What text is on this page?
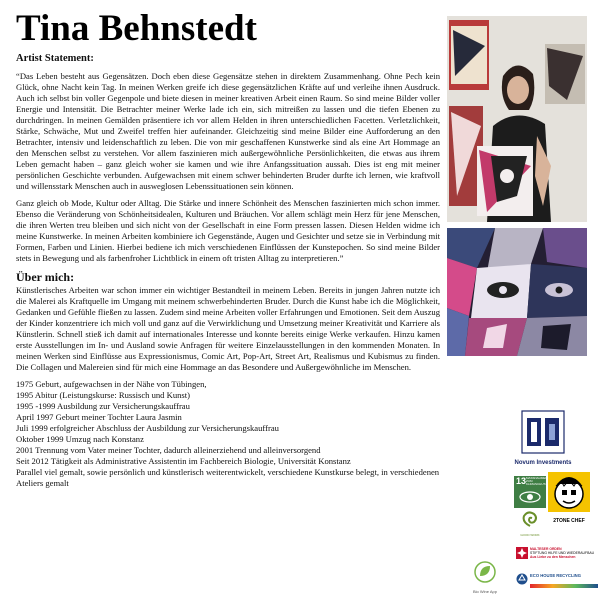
Tina Behnstedt
Artist Statement:

“Das Leben besteht aus Gegensätzen. Doch eben diese Gegensätze stehen in direktem Zusammenhang. Ohne Pech kein Glück, ohne Nacht kein Tag. In meinen Werken greife ich diese gegensätzlichen Kräfte auf und verleihe ihnen Ausdruck. Auch ich selbst bin voller Gegenpole und biete diesen in meiner kreativen Arbeit einen Raum. So sind meine Bilder voller Energie und Intensität. Die Betrachter meiner Werke lade ich ein, sich mitreißen zu lassen und die tiefen Ebenen zu durchdringen. In meinen Gemälden präsentiere ich vor allem Helden in ihren unterschiedlichen Facetten. Verletzlichkeit, Stärke, Schwäche, Mut und Zweifel treffen hier aufeinander. Gleichzeitig sind meine Bilder eine Aufforderung an den Betrachter, intensiv und leidenschaftlich zu leben. Die von mir geschaffenen Kunstwerke sind als eine Art Hommage an den Menschen selbst zu verstehen. Vor allem faszinieren mich außergewöhnliche Persönlichkeiten, die etwas aus ihrem Leben gemacht haben – ganz gleich woher sie kamen und wie ihre Anfangssituation aussah. Dies ist eng mit meiner persönlichen Geschichte verbunden. Aufgewachsen mit einem schwer behinderten Bruder durfte ich lernen, wie kraftvoll und willensstark Menschen auch in ausweglosen Lebenssituationen sein können.

Ganz gleich ob Mode, Kultur oder Alltag. Die Stärke und innere Schönheit des Menschen faszinierten mich schon immer. Ebenso die Veränderung von Schönheitsidealen, Kulturen und Bräuchen. Vor allem schlägt mein Herz für jene Menschen, die ihren Werten treu bleiben und sich nicht von der Gesellschaft in eine Form pressen lassen. Diesen Helden widme ich meine Kunstwerke. In meinen Arbeiten kombiniere ich Gegenstände, Augen und Gesichter und setze sie in Verbindung mit Formen, Farben und Linien. Hierbei bediene ich mich verschiedenen Einflüssen der Kunstepochen. So sind meine Bilder stets in Bewegung und als farbenfroher Lichtblick in einem oft tristen Alltag zu interpretieren.”

Über mich:

Künstlerisches Arbeiten war schon immer ein wichtiger Bestandteil in meinem Leben. Bereits in jungen Jahren nutzte ich die Malerei als Kraftquelle im Umgang mit meinem schwerbehinderten Bruder. Durch die Kunst habe ich die Möglichkeit, Gedanken und Gefühle fließen zu lassen. Zudem sind meine Arbeiten voller Erfahrungen und Emotionen. Seit dem Auszug der Kinder konzentriere ich mich voll und ganz auf die Verwirklichung und Umsetzung meiner Kreativität und Karriere als Künstlerin. Schnell stieß ich damit auf internationales Interesse und konnte bereits einige Werke verkaufen. Hinzu kamen erste Ausstellungen im In- und Ausland sowie Anfragen für weitere Einzelausstellungen in den kommenden Monaten. In meinen Werken sind Einflüsse aus Expressionismus, Comic Art, Pop-Art, Street Art, Realismus und Kubismus zu finden. Die Collagen und Malereien sind für mich eine Hommage an das Besondere und Außergewöhnliche im Menschen.

1975 Geburt, aufgewachsen in der Nähe von Tübingen,
1995 Abitur (Leistungskurse: Russisch und Kunst)
1995 -1999 Ausbildung zur Versicherungskauffrau
April 1997 Geburt meiner Tochter Laura Jasmin
Juli 1999 erfolgreicher Abschluss der Ausbildung zur Versicherungskauffrau
Oktober 1999 Umzug nach Konstanz
2001 Trennung vom Vater meiner Tochter, dadurch alleinerziehend und alleinversorgend
Seit 2012 Tätigkeit als Administrative Assistentin im Fachbereich Biologie, Universität Konstanz
Parallel viel gemalt, sowie persönlich und künstlerisch weiterentwickelt, verschiedene Kunstkurse belegt, in verschiedenen Ateliers gemalt
Novum Investments
13 MASSNAHMEN ZUM KLIMASCHUTZ
2TONE CHEF
GOOD WORK
MALTESER ORDEN
STIFTUNG HILFE UND WIEDERAUFBAU
Aus Liebe zu den Menschen
Bio Wine App
ECO HOUSE RECYCLING
